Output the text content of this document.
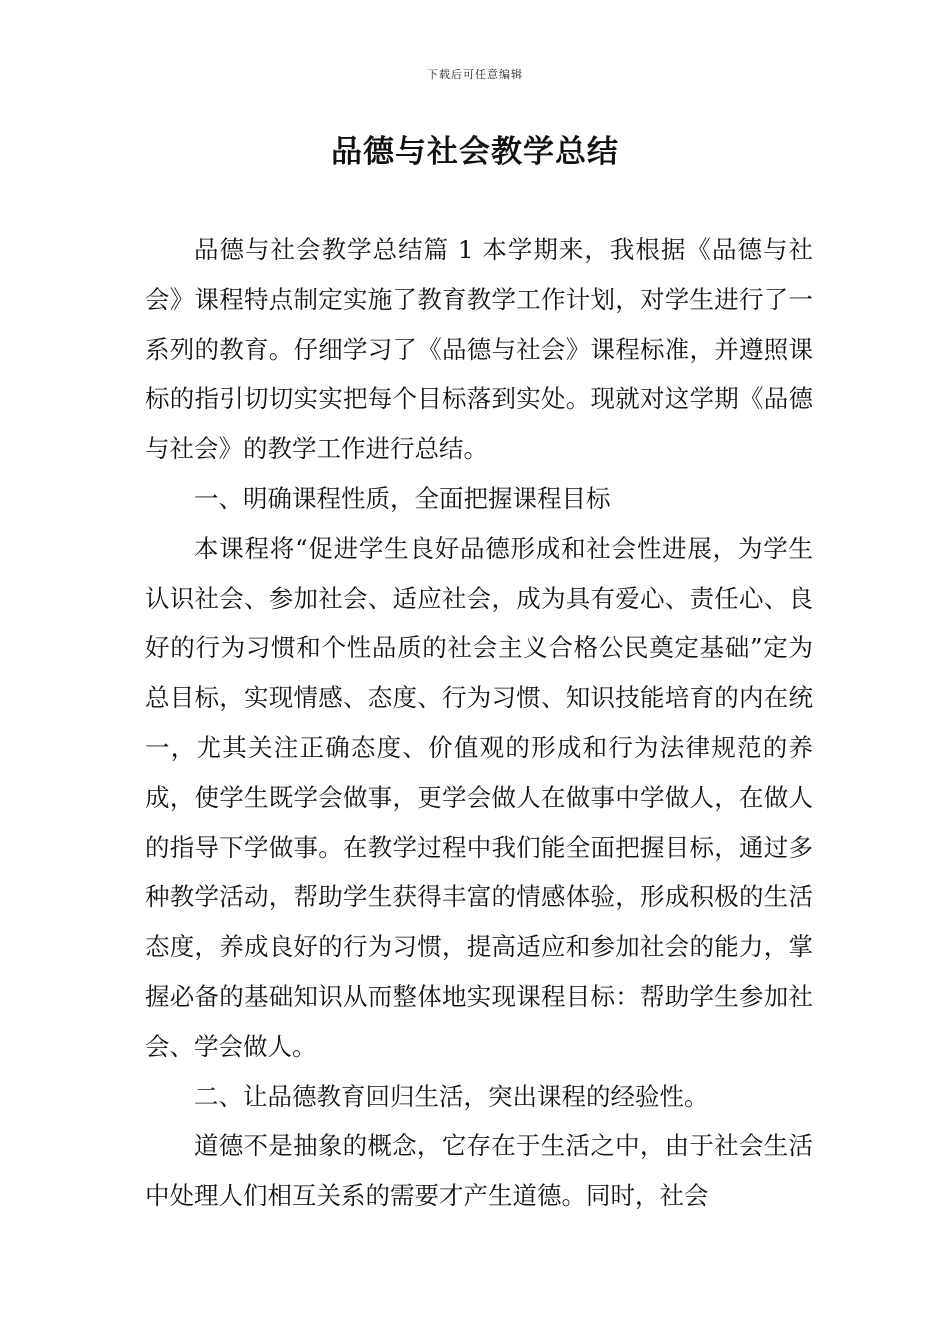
下载后可任意编辑
品德与社会教学总结

品德与社会教学总结篇 1 本学期来，我根据《品德与社会》课程特点制定实施了教育教学工作计划，对学生进行了一系列的教育。仔细学习了《品德与社会》课程标准，并遵照课标的指引切切实实把每个目标落到实处。现就对这学期《品德与社会》的教学工作进行总结。

一、明确课程性质，全面把握课程目标

本课程将“促进学生良好品德形成和社会性进展，为学生认识社会、参加社会、适应社会，成为具有爱心、责任心、良好的行为习惯和个性品质的社会主义合格公民奠定基础”定为总目标，实现情感、态度、行为习惯、知识技能培育的内在统一，尤其关注正确态度、价值观的形成和行为法律规范的养成，使学生既学会做事，更学会做人在做事中学做人，在做人的指导下学做事。在教学过程中我们能全面把握目标，通过多种教学活动，帮助学生获得丰富的情感体验，形成积极的生活态度，养成良好的行为习惯，提高适应和参加社会的能力，掌握必备的基础知识从而整体地实现课程目标：帮助学生参加社会、学会做人。

二、让品德教育回归生活，突出课程的经验性。

道德不是抽象的概念，它存在于生活之中，由于社会生活中处理人们相互关系的需要才产生道德。同时，社会
